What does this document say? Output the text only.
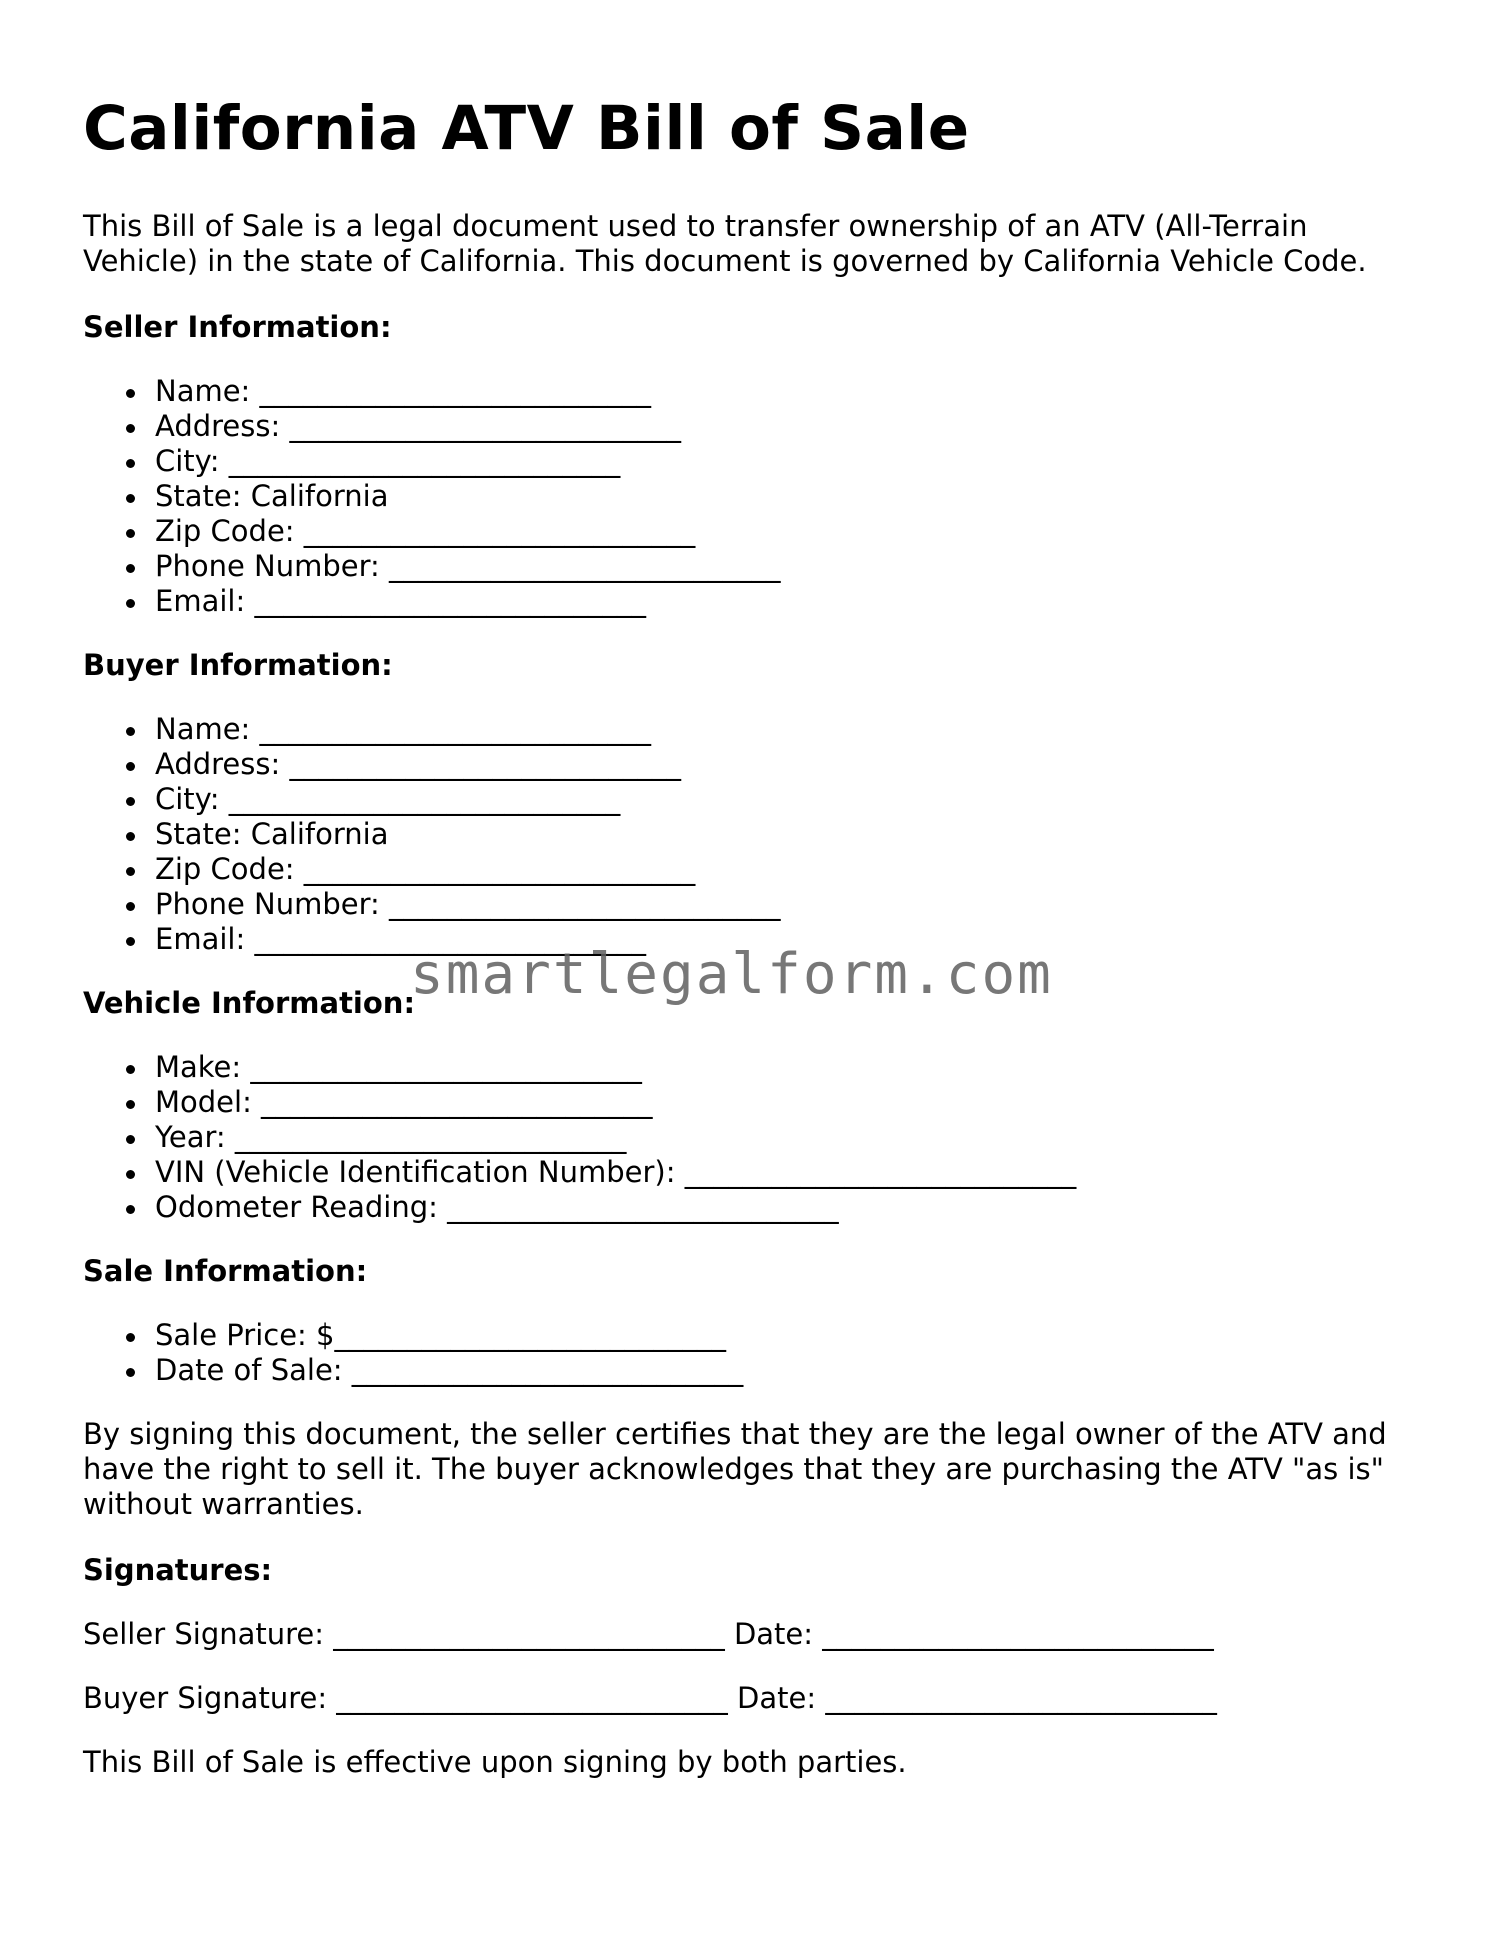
California ATV Bill of Sale

This Bill of Sale is a legal document used to transfer ownership of an ATV (All-Terrain Vehicle) in the state of California. This document is governed by California Vehicle Code.

Seller Information:
Name: ___________________________
Address: ___________________________
City: ___________________________
State: California
Zip Code: ___________________________
Phone Number: ___________________________
Email: ___________________________
Buyer Information:
Name: ___________________________
Address: ___________________________
City: ___________________________
State: California
Zip Code: ___________________________
Phone Number: ___________________________
Email: ___________________________
Vehicle Information:
Make: ___________________________
Model: ___________________________
Year: ___________________________
VIN (Vehicle Identification Number): ___________________________
Odometer Reading: ___________________________
Sale Information:
Sale Price: $___________________________
Date of Sale: ___________________________

By signing this document, the seller certifies that they are the legal owner of the ATV and have the right to sell it. The buyer acknowledges that they are purchasing the ATV "as is" without warranties.

Signatures:
Seller Signature: ___________________________ Date: ___________________________
Buyer Signature: ___________________________ Date: ___________________________

This Bill of Sale is effective upon signing by both parties.

smartlegalform.com
